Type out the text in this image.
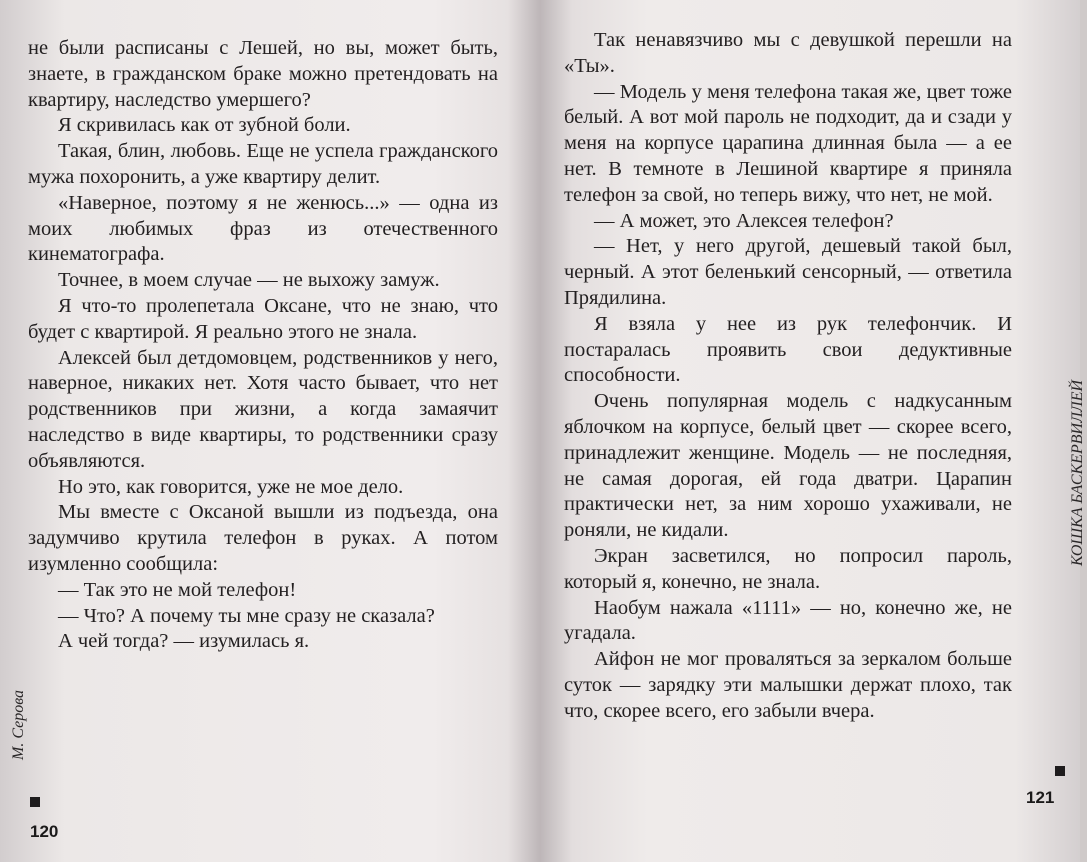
не были расписаны с Лешей, но вы, может быть, знаете, в гражданском браке можно претендовать на квартиру, наследство умершего?

Я скривилась как от зубной боли.

Такая, блин, любовь. Еще не успела гражданского мужа похоронить, а уже квартиру делит.

«Наверное, поэтому я не женюсь...» — одна из моих любимых фраз из отечественного кинематографа.

Точнее, в моем случае — не выхожу замуж.

Я что-то пролепетала Оксане, что не знаю, что будет с квартирой. Я реально этого не знала.

Алексей был детдомовцем, родственников у него, наверное, никаких нет. Хотя часто бывает, что нет родственников при жизни, а когда замаячит наследство в виде квартиры, то родственники сразу объявляются.

Но это, как говорится, уже не мое дело.

Мы вместе с Оксаной вышли из подъезда, она задумчиво крутила телефон в руках. А потом изумленно сообщила:

— Так это не мой телефон!

— Что? А почему ты мне сразу не сказала?

А чей тогда? — изумилась я.

М. Серова
120

Так ненавязчиво мы с девушкой перешли на «Ты».

— Модель у меня телефона такая же, цвет тоже белый. А вот мой пароль не подходит, да и сзади у меня на корпусе царапина длинная была — а ее нет. В темноте в Лешиной квартире я приняла телефон за свой, но теперь вижу, что нет, не мой.

— А может, это Алексея телефон?

— Нет, у него другой, дешевый такой был, черный. А этот беленький сенсорный, — ответила Прядилина.

Я взяла у нее из рук телефончик. И постаралась проявить свои дедуктивные способности.

Очень популярная модель с надкусанным яблочком на корпусе, белый цвет — скорее всего, принадлежит женщине. Модель — не последняя, не самая дорогая, ей года дватри. Царапин практически нет, за ним хорошо ухаживали, не роняли, не кидали.

Экран засветился, но попросил пароль, который я, конечно, не знала.

Наобум нажала «1111» — но, конечно же, не угадала.

Айфон не мог проваляться за зеркалом больше суток — зарядку эти малышки держат плохо, так что, скорее всего, его забыли вчера.

КОШКА БАСКЕРВИЛЛЕЙ
121
